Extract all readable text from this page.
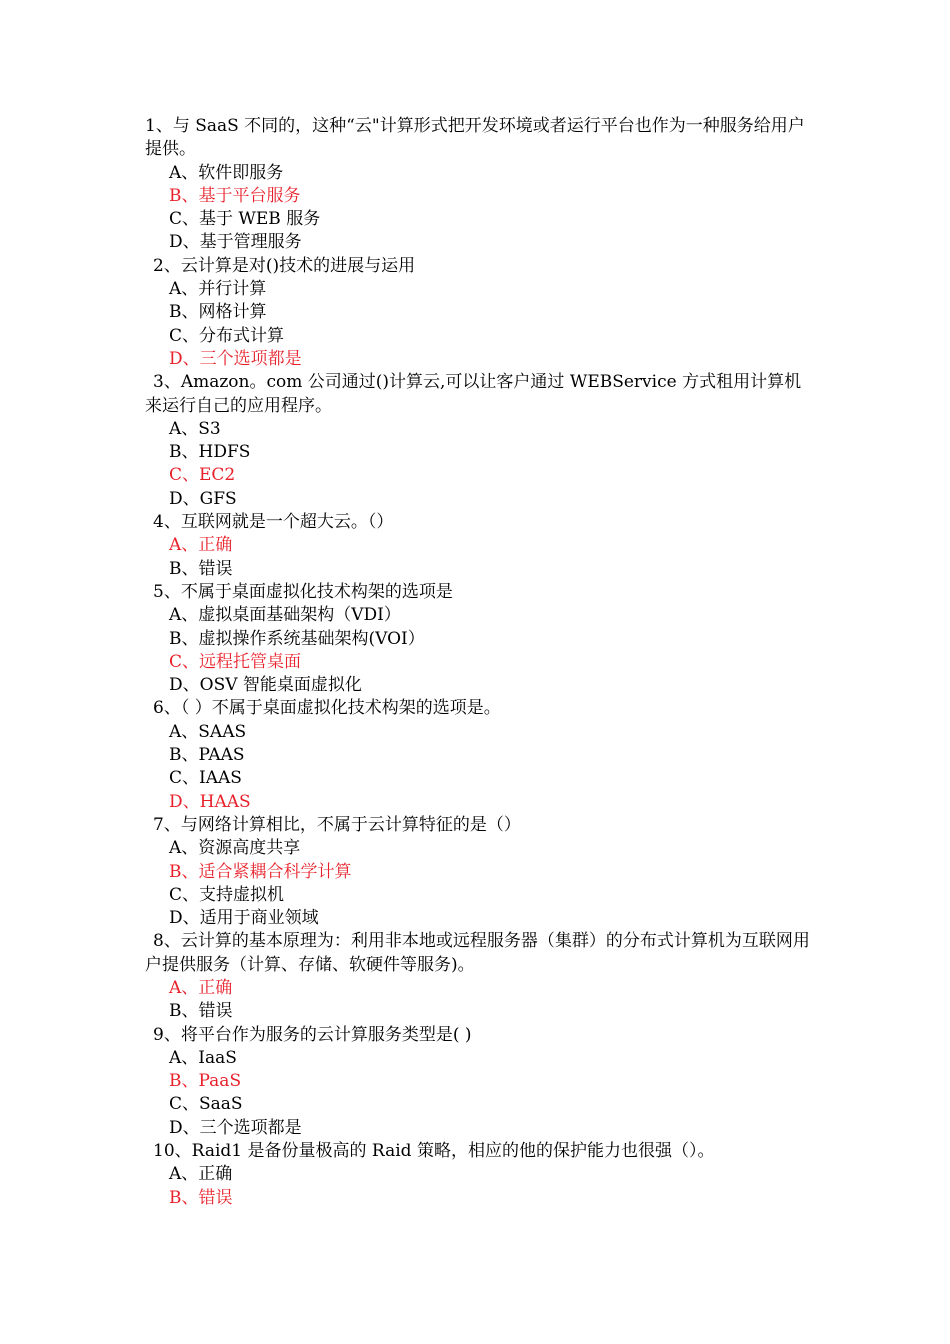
1、与 SaaS 不同的，这种“云"计算形式把开发环境或者运行平台也作为一种服务给用户提供。
A、软件即服务
B、基于平台服务
C、基于 WEB 服务
D、基于管理服务
2、云计算是对()技术的进展与运用
A、并行计算
B、网格计算
C、分布式计算
D、三个选项都是
3、Amazon。com 公司通过()计算云,可以让客户通过 WEBService 方式租用计算机来运行自己的应用程序。
A、S3
B、HDFS
C、EC2
D、GFS
4、互联网就是一个超大云。（）
A、正确
B、错误
5、不属于桌面虚拟化技术构架的选项是
A、虚拟桌面基础架构（VDI）
B、虚拟操作系统基础架构(VOI）
C、远程托管桌面
D、OSV 智能桌面虚拟化
6、（ ）不属于桌面虚拟化技术构架的选项是。
A、SAAS
B、PAAS
C、IAAS
D、HAAS
7、与网络计算相比，不属于云计算特征的是（）
A、资源高度共享
B、适合紧耦合科学计算
C、支持虚拟机
D、适用于商业领域
8、云计算的基本原理为：利用非本地或远程服务器（集群）的分布式计算机为互联网用户提供服务（计算、存储、软硬件等服务)。
A、正确
B、错误
9、将平台作为服务的云计算服务类型是( )
A、IaaS
B、PaaS
C、SaaS
D、三个选项都是
10、Raid1 是备份量极高的 Raid 策略，相应的他的保护能力也很强（）。
A、正确
B、错误
